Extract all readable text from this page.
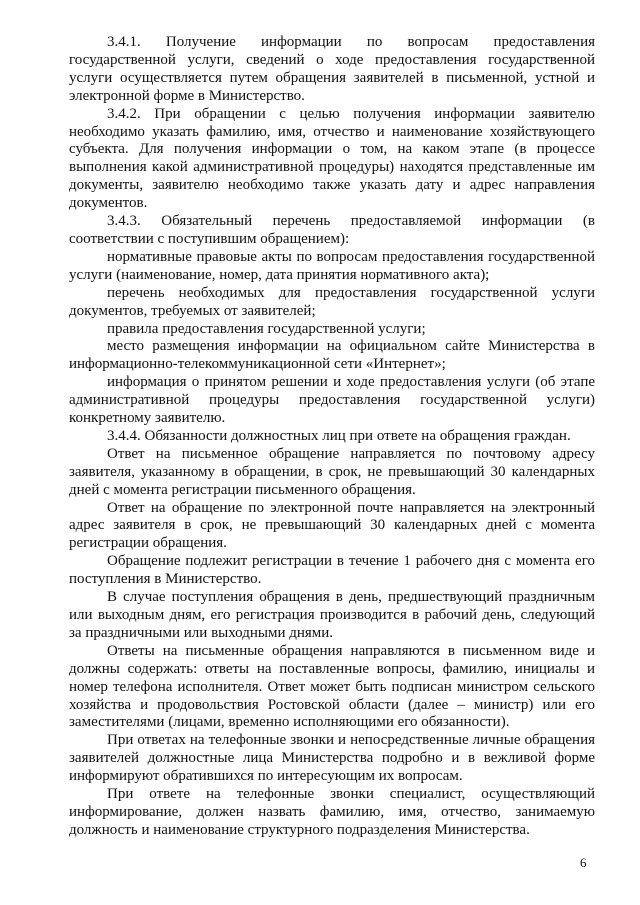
3.4.1. Получение информации по вопросам предоставления государственной услуги, сведений о ходе предоставления государственной услуги осуществляется путем обращения заявителей в письменной, устной и электронной форме в Министерство.

3.4.2. При обращении с целью получения информации заявителю необходимо указать фамилию, имя, отчество и наименование хозяйствующего субъекта. Для получения информации о том, на каком этапе (в процессе выполнения какой административной процедуры) находятся представленные им документы, заявителю необходимо также указать дату и адрес направления документов.

3.4.3. Обязательный перечень предоставляемой информации (в соответствии с поступившим обращением):

нормативные правовые акты по вопросам предоставления государственной услуги (наименование, номер, дата принятия нормативного акта);

перечень необходимых для предоставления государственной услуги документов, требуемых от заявителей;

правила предоставления государственной услуги;

место размещения информации на официальном сайте Министерства в информационно-телекоммуникационной сети «Интернет»;

информация о принятом решении и ходе предоставления услуги (об этапе административной процедуры предоставления государственной услуги) конкретному заявителю.

3.4.4. Обязанности должностных лиц при ответе на обращения граждан.

Ответ на письменное обращение направляется по почтовому адресу заявителя, указанному в обращении, в срок, не превышающий 30 календарных дней с момента регистрации письменного обращения.

Ответ на обращение по электронной почте направляется на электронный адрес заявителя в срок, не превышающий 30 календарных дней с момента регистрации обращения.

Обращение подлежит регистрации в течение 1 рабочего дня с момента его поступления в Министерство.

В случае поступления обращения в день, предшествующий праздничным или выходным дням, его регистрация производится в рабочий день, следующий за праздничными или выходными днями.

Ответы на письменные обращения направляются в письменном виде и должны содержать: ответы на поставленные вопросы, фамилию, инициалы и номер телефона исполнителя. Ответ может быть подписан министром сельского хозяйства и продовольствия Ростовской области (далее – министр) или его заместителями (лицами, временно исполняющими его обязанности).

При ответах на телефонные звонки и непосредственные личные обращения заявителей должностные лица Министерства подробно и в вежливой форме информируют обратившихся по интересующим их вопросам.

При ответе на телефонные звонки специалист, осуществляющий информирование, должен назвать фамилию, имя, отчество, занимаемую должность и наименование структурного подразделения Министерства.

6
